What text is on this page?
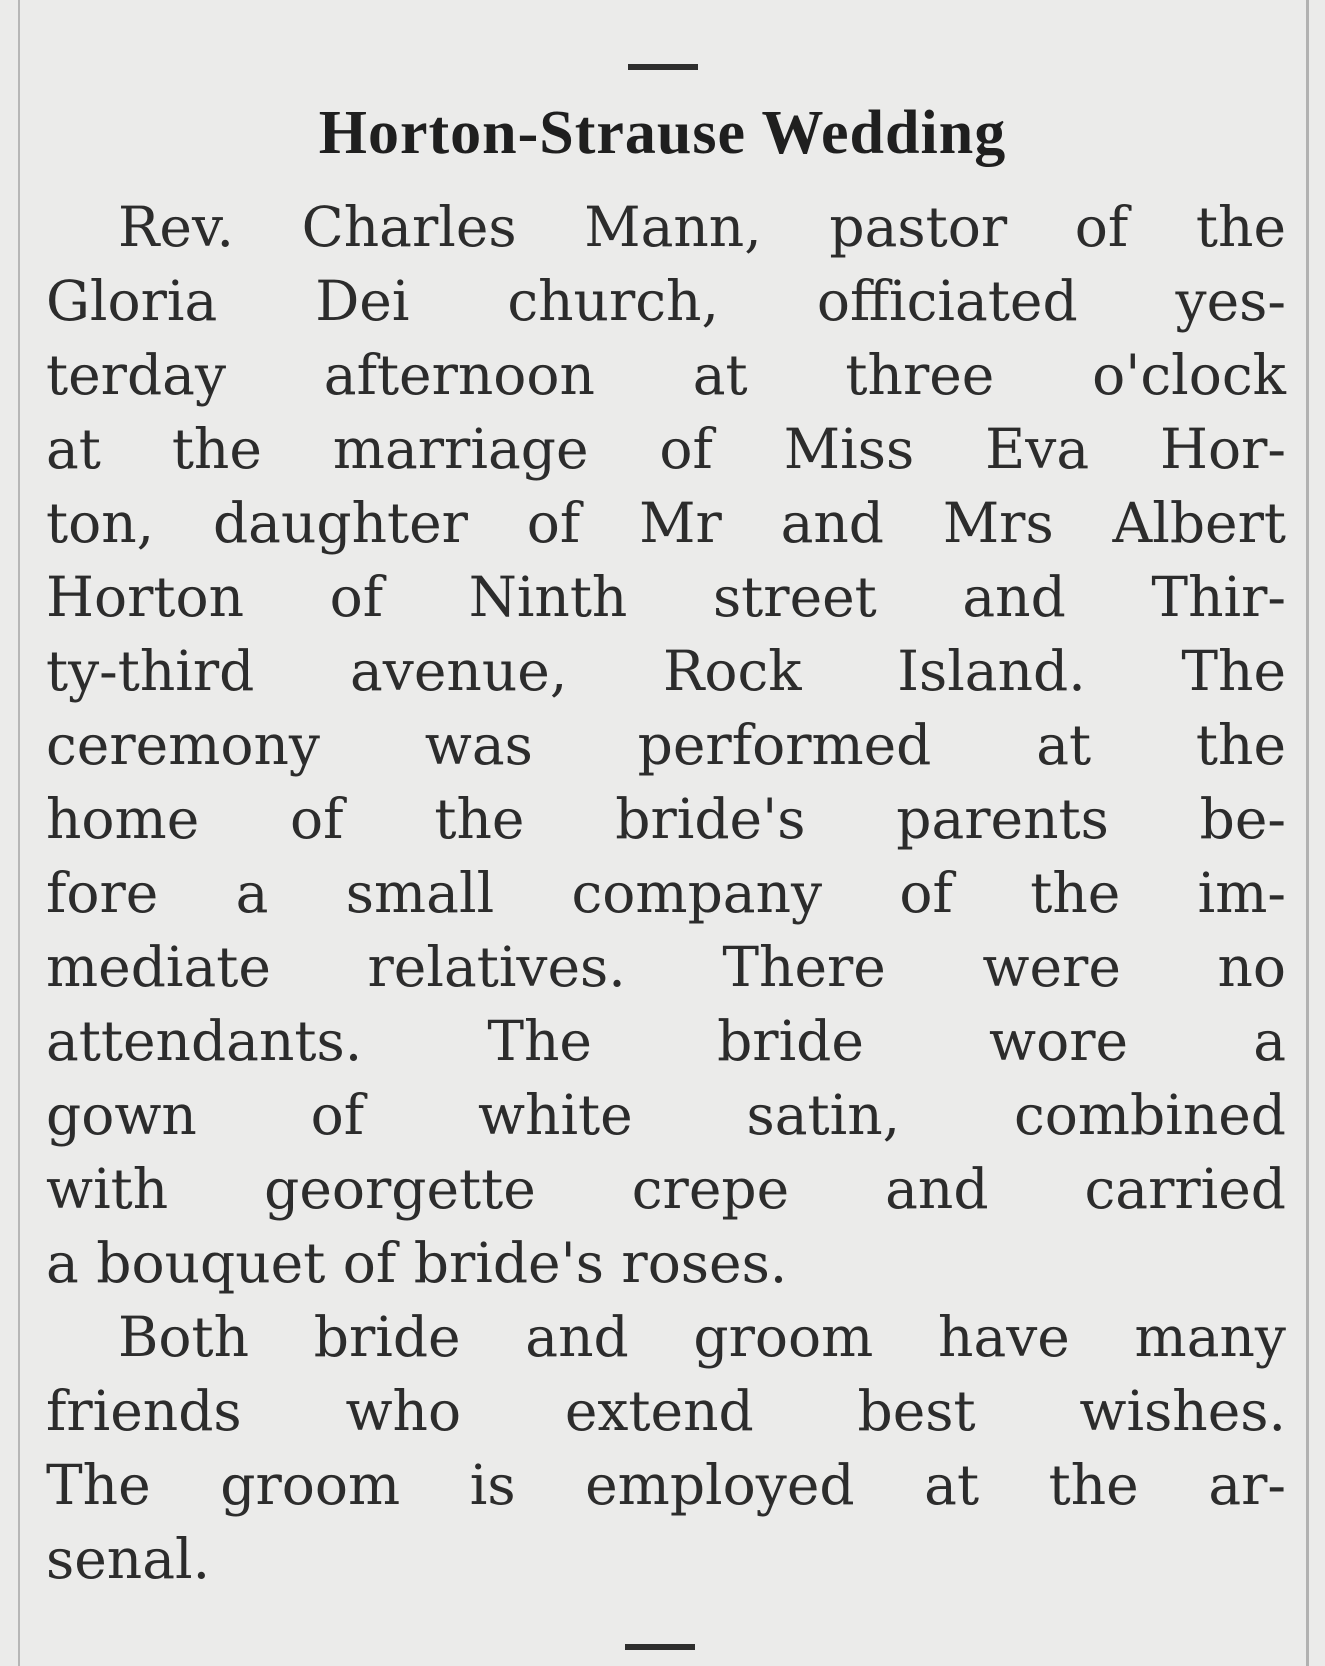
Horton-Strause Wedding
Rev. Charles Mann, pastor of the
Gloria Dei church, officiated yes-
terday afternoon at three o'clock
at the marriage of Miss Eva Hor-
ton, daughter of Mr and Mrs Albert
Horton of Ninth street and Thir-
ty-third avenue, Rock Island. The
ceremony was performed at the
home of the bride's parents be-
fore a small company of the im-
mediate relatives. There were no
attendants. The bride wore a
gown of white satin, combined
with georgette crepe and carried
a bouquet of bride's roses.
Both bride and groom have many
friends who extend best wishes.
The groom is employed at the ar-
senal.
